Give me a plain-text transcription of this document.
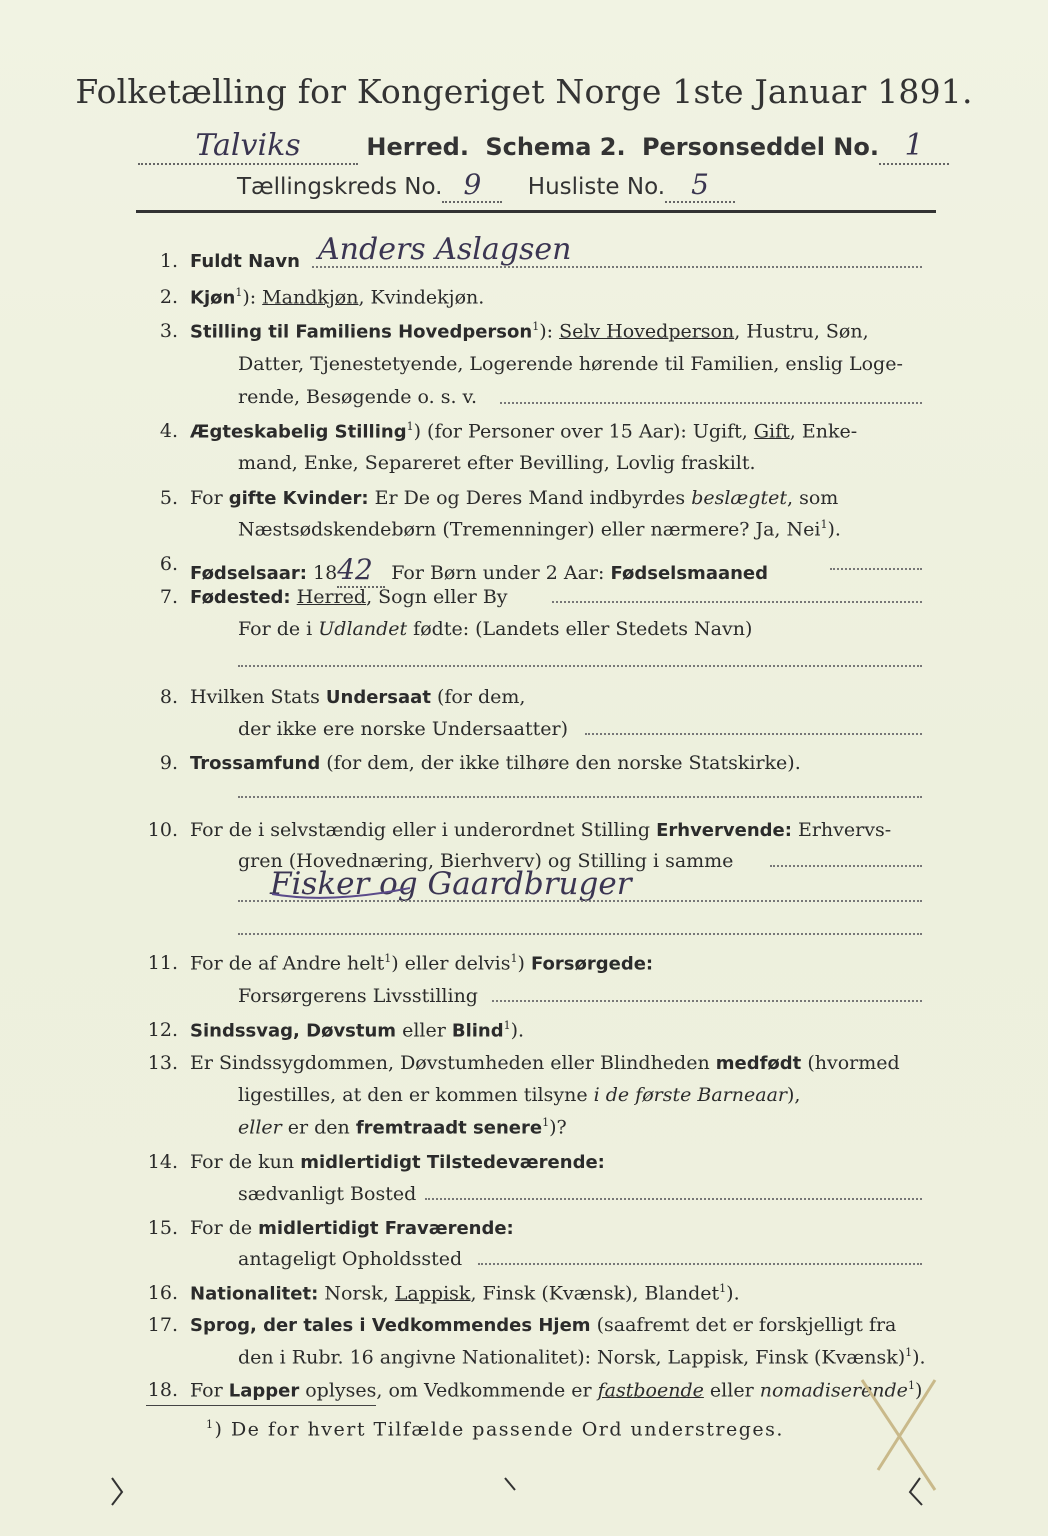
Folketælling for Kongeriget Norge 1ste Januar 1891.
Talviks	Herred. Schema 2. Personseddel No. 1
Tællingskreds No. 9 Husliste No. 5
1. Fuldt Navn Anders Aslagsen
2. Kjøn$^1$): Mandkjøn, Kvindekjøn.
3. Stilling til Familiens Hovedperson$^1$): Selv Hovedperson, Hustru, Søn,
Datter, Tjenestetyende, Logerende hørende til Familien, enslig Loge-
rende, Besøgende o. s. v.
4. Ægteskabelig Stilling$^1$) (for Personer over 15 Aar): Ugift, Gift, Enke-
mand, Enke, Separeret efter Bevilling, Lovlig fraskilt.
5. For gifte Kvinder: Er De og Deres Mand indbyrdes beslægtet, som
Næstsødskendebørn (Tremenninger) eller nærmere? Ja, Nei$^1$).
6. Fødselsaar: 1842 For Børn under 2 Aar: Fødselsmaaned
7. Fødested: Herred, Sogn eller By
For de i Udlandet fødte: (Landets eller Stedets Navn)
8. Hvilken Stats Undersaat (for dem,
der ikke ere norske Undersaatter)
9. Trossamfund (for dem, der ikke tilhøre den norske Statskirke).
10. For de i selvstændig eller i underordnet Stilling Erhvervende: Erhvervs-
gren (Hovednæring, Bierhverv) og Stilling i samme
Fisker og Gaardbruger
11. For de af Andre helt$^1$) eller delvis$^1$) Forsørgede:
Forsørgerens Livsstilling
12. Sindssvag, Døvstum eller Blind$^1$).
13. Er Sindssygdommen, Døvstumheden eller Blindheden medfødt (hvormed
ligestilles, at den er kommen tilsyne i de første Barneaar),
eller er den fremtraadt senere$^1$)?
14. For de kun midlertidigt Tilstedeværende:
sædvanligt Bosted
15. For de midlertidigt Fraværende:
antageligt Opholdssted
16. Nationalitet: Norsk, Lappisk, Finsk (Kvænsk), Blandet$^1$).
17. Sprog, der tales i Vedkommendes Hjem (saafremt det er forskjelligt fra
den i Rubr. 16 angivne Nationalitet): Norsk, Lappisk, Finsk (Kvænsk)$^1$).
18. For Lapper oplyses, om Vedkommende er fastboende eller nomadiserende$^1$).
$^1$) De for hvert Tilfælde passende Ord understreges.
